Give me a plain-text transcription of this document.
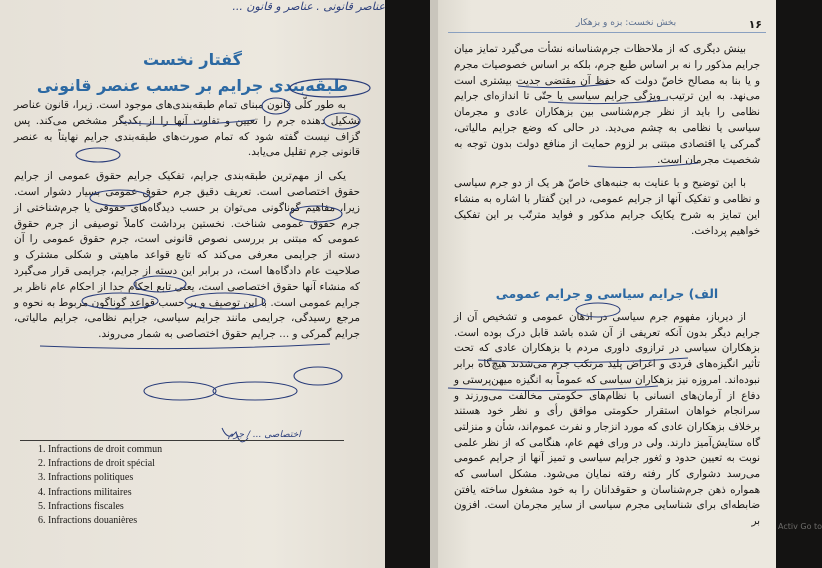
عناصر قانونی . عناصر و قانون ...
گفتار نخست
طبقه‌بندی جرایم بر حسب عنصر قانونی

به طور کلّی قانون مبنای تمام طبقه‌بندی‌های موجود است. زیرا، قانون عناصر تشکیل دهنده جرم را تعیین و تفاوت آنها را از یکدیگر مشخص می‌کند. پس گزاف نیست گفته شود که تمام صورت‌های طبقه‌بندی جرایم نهایتاً به عنصر قانونی جرم تقلیل می‌یابد.

یکی از مهم‌ترین طبقه‌بندی جرایم، تفکیک جرایم حقوق عمومی از جرایم حقوق اختصاصی است. تعریف دقیق جرم حقوق عمومی بسیار دشوار است. زیرا، مفاهیم گوناگونی می‌توان بر حسب دیدگاه‌های حقوقی یا جرم‌شناختی از جرم حقوق عمومی شناخت. نخستین برداشت کاملاً توصیفی از جرم حقوق عمومی که مبتنی بر بررسی نصوص قانونی است، جرم حقوق عمومی را آن دسته از جرایمی معرفی می‌کند که تابع قواعد ماهیتی و شکلی مشترک و صلاحیت عام دادگاه‌ها است، در برابر این دسته از جرایم، جرایمی قرار می‌گیرد که منشاء آنها حقوق اختصاصی است، یعنی تابع احکام جدا از احکام عام ناظر بر جرایم عمومی است. با این توصیف و بر حسب قواعد گوناگون مربوط به نحوه و مرجع رسیدگی، جرایمی مانند جرایم سیاسی، جرایم نظامی، جرایم مالیاتی، جرایم گمرکی و ... جرایم حقوق اختصاصی به شمار می‌روند.

اختصاصی ... / جرم
1. Infractions de droit commun
2. Infractions de droit spécial
3. Infractions politiques
4. Infractions militaires
5. Infractions fiscales
6. Infractions douanières
۱۶
بخش نخست: بزه و بزهکار

بینش دیگری که از ملاحظات جرم‌شناسانه نشأت می‌گیرد تمایز میان جرایم مذکور را نه بر اساس طبع جرم، بلکه بر اساس خصوصیات مجرم و یا بنا به مصالح خاصّ دولت که حفظ آن مقتضی جدیت بیشتری است می‌نهد. به این ترتیب، ویژگی جرایم سیاسی یا حتّی تا اندازه‌ای جرایم نظامی را باید از نظر جرم‌شناسی بین بزهکاران عادی و مجرمان سیاسی یا نظامی به چشم می‌دید. در حالی که وضع جرایم مالیاتی، گمرکی یا اقتصادی مبتنی بر لزوم حمایت از منافع دولت بدون توجه به شخصیت مجرمان است.

با این توضیح و با عنایت به جنبه‌های خاصّ هر یک از دو جرم سیاسی و نظامی و تفکیک آنها از جرایم عمومی، در این گفتار با اشاره به منشاء این تمایز به شرح یکایک جرایم مذکور و فواید مترتّب بر این تفکیک خواهیم پرداخت.

الف) جرایم سیاسی و جرایم عمومی

از دیرباز، مفهوم جرم سیاسی در اذهان عمومی و تشخیص آن از جرایم دیگر بدون آنکه تعریفی از آن شده باشد قابل درک بوده است. بزهکاران سیاسی در ترازوی داوری مردم با بزهکاران عادی که تحت تأثیر انگیزه‌های فردی و اغراض پلید مرتکب جرم می‌شدند هیچ‌گاه برابر نبوده‌اند. امروزه نیز بزهکاران سیاسی که عموماً به انگیزه میهن‌پرستی و دفاع از آرمان‌های انسانی با نظام‌های حکومتی مخالفت می‌ورزند و سرانجام خواهان استقرار حکومتی موافق رأی و نظر خود هستند برخلاف بزهکاران عادی که مورد انزجار و نفرت عموم‌اند، شأن و منزلتی گاه ستایش‌آمیز دارند. ولی در ورای فهم عام، هنگامی که از نظر علمی نوبت به تعیین حدود و ثغور جرایم سیاسی و تمیز آنها از جرایم عمومی می‌رسد دشواری کار رفته رفته نمایان می‌شود. مشکل اساسی که همواره ذهن جرم‌شناسان و حقوقدانان را به خود مشغول ساخته یافتن ضابطه‌ای برای شناسایی مجرم سیاسی از سایر مجرمان است. افزون بر Activ Go to
